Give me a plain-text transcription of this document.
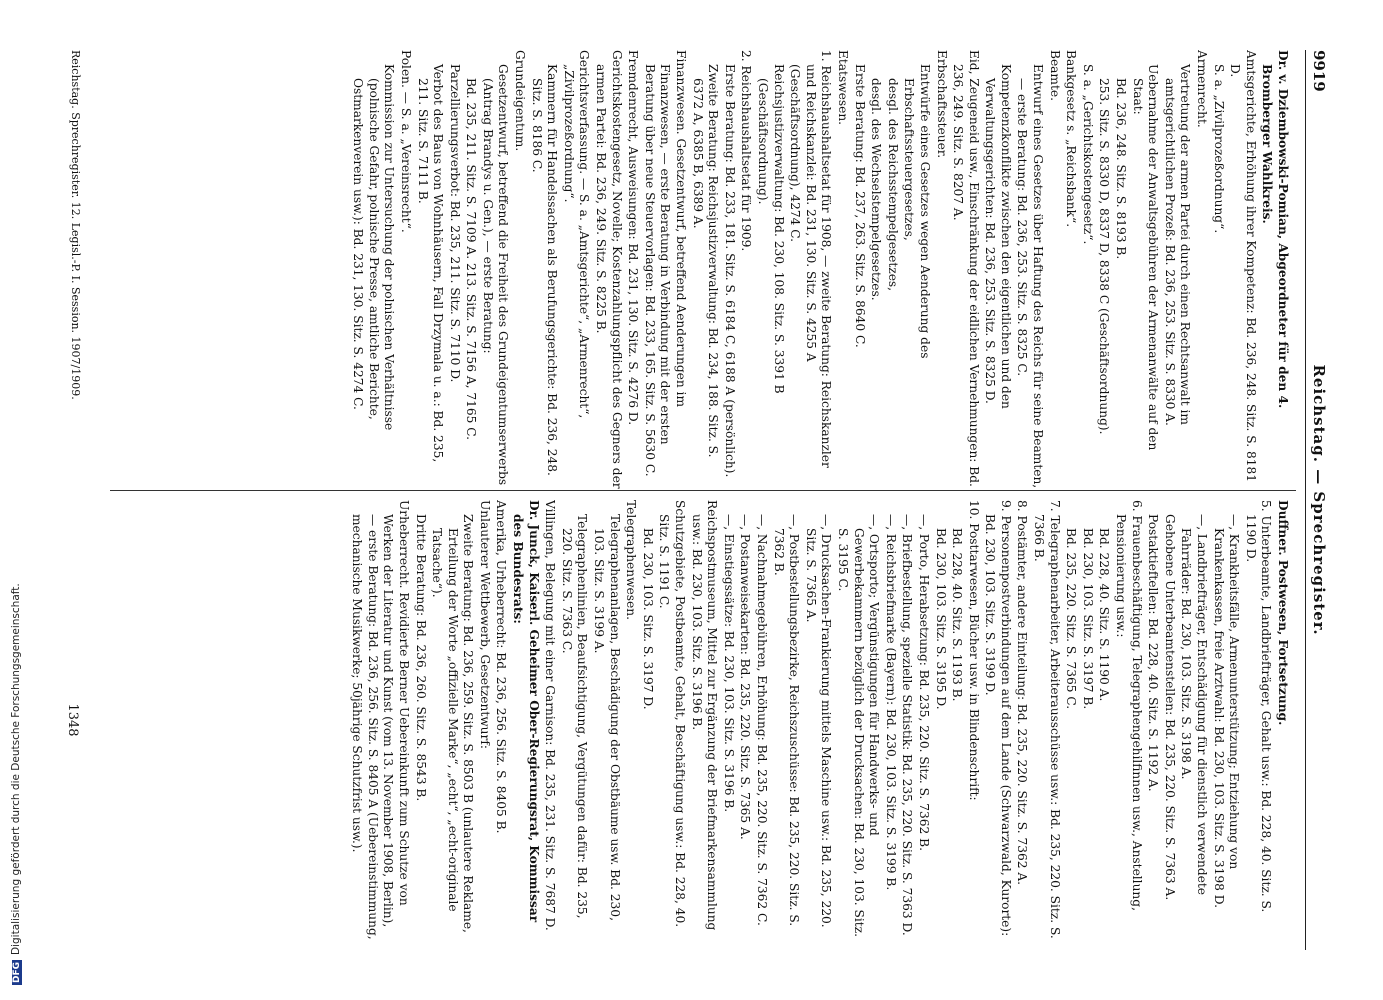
9919
Reichstag. — Sprechregister.
Dr. v. Dziembowski-Pomian, Abgeordneter für den 4. Bromberger Wahlkreis.
Amtsgerichte, Erhöhung ihrer Kompetenz: Bd. 236, 248. Sitz. S. 8181 D.
S. a. „Zivilprozeßordnung“.
Armenrecht.
Vertretung der armen Partei durch einen Rechtsanwalt im amtsgerichtlichen Prozeß: Bd. 236, 253. Sitz. S. 8330 A.
Uebernahme der Anwaltsgebühren der Armenanwälte auf den Staat:
Bd. 236, 248. Sitz. S. 8193 B.
253. Sitz. S. 8330 D, 8337 D, 8338 C (Geschäftsordnung).
S. a. „Gerichtskostengesetz“.
Bankgesetz s. „Reichsbank“.
Beamte.
Entwurf eines Gesetzes über Haftung des Reichs für seine Beamten, — erste Beratung: Bd. 236, 253. Sitz. S. 8325 C.
Kompetenzkonflikte zwischen den eigentlichen und den Verwaltungsgerichten: Bd. 236, 253. Sitz. S. 8325 D.
Eid, Zeugeneid usw., Einschränkung der eidlichen Vernehmungen: Bd. 236, 249. Sitz. S. 8207 A.
Erbschaftssteuer.
Entwürfe eines Gesetzes wegen Aenderung des Erbschaftssteuergesetzes,
desgl. des Reichsstempelgesetzes,
desgl. des Wechselstempelgesetzes.
Erste Beratung: Bd. 237, 263. Sitz. S. 8640 C.
Etatswesen.
1. Reichshaushaltsetat für 1908, — zweite Beratung: Reichskanzler und Reichskanzlei: Bd. 231, 130. Sitz. S. 4255 A (Geschäftsordnung), 4274 C.
Reichsjustizverwaltung: Bd. 230, 108. Sitz. S. 3391 B (Geschäftsordnung).
2. Reichshaushaltsetat für 1909.
Erste Beratung: Bd. 233, 181. Sitz. S. 6184 C, 6188 A (persönlich).
Zweite Beratung: Reichsjustizverwaltung: Bd. 234, 188. Sitz. S. 6372 A, 6385 B, 6389 A.
Finanzwesen. Gesetzentwurf, betreffend Aenderungen im Finanzwesen, — erste Beratung in Verbindung mit der ersten Beratung über neue Steuervorlagen: Bd. 233, 165. Sitz. S. 5630 C.
Fremdenrecht, Ausweisungen: Bd. 231, 130. Sitz. S. 4276 D.
Gerichtskostengesetz, Novelle; Kostenzahlungspflicht des Gegners der armen Partei: Bd. 236, 249. Sitz. S. 8225 B.
Gerichtsverfassung. — S. a. „Amtsgerichte“, „Armenrecht“, „Zivilprozeßordnung“.
Kammern für Handelssachen als Berufungsgerichte: Bd. 236, 248. Sitz. S. 8186 C.
Grundeigentum.
Gesetzentwurf, betreffend die Freiheit des Grundeigentumserwerbs (Antrag Brandys u. Gen.), — erste Beratung:
Bd. 235, 211. Sitz. S. 7109 A. 213. Sitz. S. 7156 A, 7165 C.
Parzellierungsverbot: Bd. 235, 211. Sitz. S. 7110 D.
Verbot des Baus von Wohnhäusern, Fall Drzymala u. a.: Bd. 235, 211. Sitz. S. 7111 B.
Polen. — S. a. „Vereinsrecht“.
Kommission zur Untersuchung der polnischen Verhältnisse (polnische Gefahr, polnische Presse, amtliche Berichte, Ostmarkenverein usw.): Bd. 231, 130. Sitz. S. 4274 C.
Duffner. Postwesen, Fortsetzung.
5. Unterbeamte, Landbriefträger, Gehalt usw.: Bd. 228, 40. Sitz. S. 1190 D.
—, Krankheitsfälle, Armenunterstützung; Entziehung von Krankenkassen, freie Arztwahl: Bd. 230, 103. Sitz. S. 3198 D.
—, Landbriefträger, Entschädigung für dienstlich verwendete Fahrräder: Bd. 230, 103. Sitz. S. 3198 A.
Gehobene Unterbeamtenstellen: Bd. 235, 220. Sitz. S. 7363 A.
Postaktieftellen: Bd. 228, 40. Sitz. S. 1192 A.
6. Frauenbeschäftigung, Telegraphengehilfinnen usw., Anstellung, Pensionierung usw.:
Bd. 228, 40. Sitz. S. 1190 A.
Bd. 230, 103. Sitz. S. 3197 B.
Bd. 235, 220. Sitz. S. 7365 C.
7. Telegraphenarbeiter, Arbeiterausschüsse usw.: Bd. 235, 220. Sitz. S. 7366 B.
8. Postämter, andere Einteilung: Bd. 235, 220. Sitz. S. 7362 A.
9. Personenpostverbindungen auf dem Lande (Schwarzwald, Kurorte): Bd. 230, 103. Sitz. S. 3199 D.
10. Posttarwesen, Bücher usw. in Blindenschrift:
Bd. 228, 40. Sitz. S. 1193 B.
Bd. 230, 103. Sitz. S. 3195 D.
—, Porto, Herabsetzung: Bd. 235, 220. Sitz. S. 7362 B.
—, Briefbestellung, spezielle Statistik: Bd. 235, 220. Sitz. S. 7363 D.
—, Reichsbriefmarke (Bayern): Bd. 230, 103. Sitz. S. 3199 B.
—, Ortsporto; Vergünstigungen für Handwerks- und Gewerbekammern bezüglich der Drucksachen: Bd. 230, 103. Sitz. S. 3195 C.
—, Drucksachen-Frankierung mittels Maschine usw.: Bd. 235, 220. Sitz. S. 7365 A.
—, Postbestellungsbezirke, Reichszuschüsse: Bd. 235, 220. Sitz. S. 7362 B.
—, Nachnahmegebühren, Erhöhung: Bd. 235, 220. Sitz. S. 7362 C.
—, Postanweisekarten: Bd. 235, 220. Sitz. S. 7365 A.
—, Einstiegssätze: Bd. 230, 103. Sitz. S. 3196 B.
Reichspostmuseum, Mittel zur Ergänzung der Briefmarkensammlung usw.: Bd. 230, 103. Sitz. S. 3196 B.
Schutzgebiete, Postbeamte, Gehalt, Beschäftigung usw.: Bd. 228, 40. Sitz. S. 1191 C.
Bd. 230, 103. Sitz. S. 3197 D.
Telegraphenwesen.
Telegraphenanlagen, Beschädigung der Obstbäume usw. Bd. 230, 103. Sitz. S. 3199 A.
Telegraphenlinien, Beaufsichtigung, Vergütungen dafür: Bd. 235, 220. Sitz. S. 7363 C.
Villingen, Belegung mit einer Garnison: Bd. 235, 231. Sitz. S. 7687 D.
Dr. Junck, Kaiserl. Geheimer Ober-Regierungsrat, Kommissar des Bundesrats:
Amerika, Urheberrecht: Bd. 236, 256. Sitz. S. 8405 B.
Unlauterer Wettbewerb, Gesetzentwurf:
Zweite Beratung: Bd. 236, 259. Sitz. S. 8503 B (unlautere Reklame, Erteilung der Worte „offizielle Marke“, „echt“, „echt-originale Tatsache“).
Dritte Beratung: Bd. 236, 260. Sitz. S. 8543 B.
Urheberrecht. Revidierte Berner Uebereinkunft zum Schutze von Werken der Literatur und Kunst (vom 13. November 1908, Berlin), — erste Beratung: Bd. 236, 256. Sitz. S. 8405 A (Uebereinstimmung, mechanische Musikwerke; 50jährige Schutzfrist usw.).
Reichstag. Sprechregister. 12. Legisl.-P. I. Session. 1907/1909.
1348
DFGDigitalisierung gefördert durch die Deutsche Forschungsgemeinschaft.
